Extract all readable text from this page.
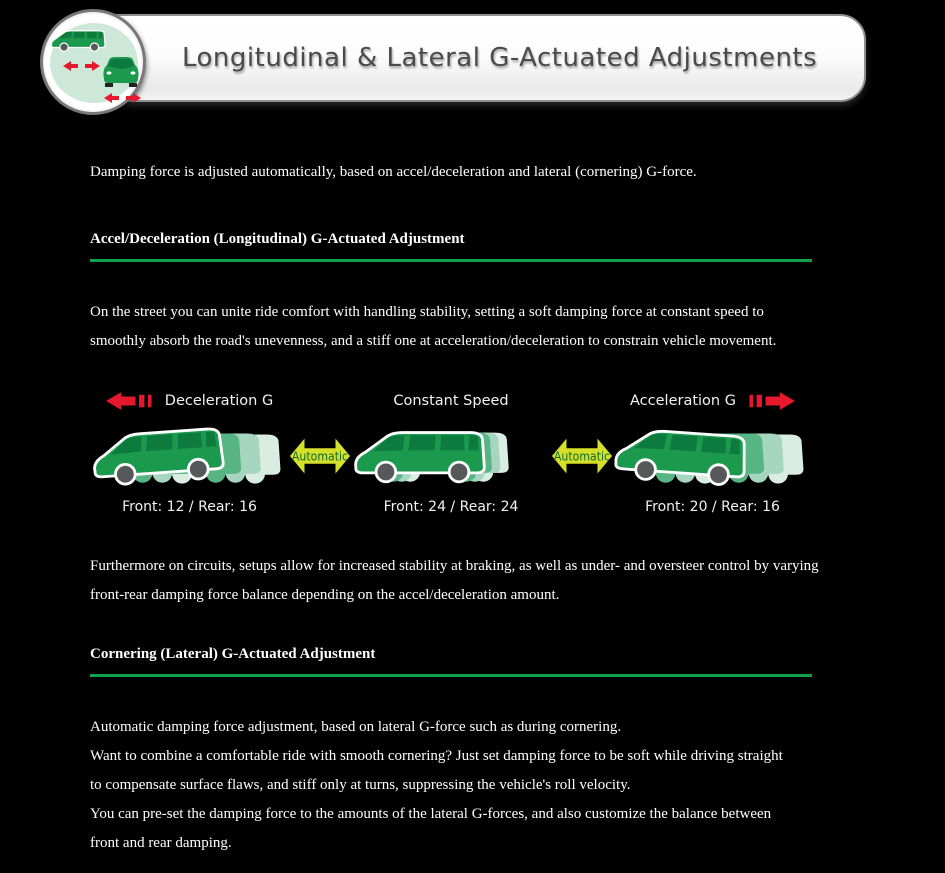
Longitudinal & Lateral G-Actuated Adjustments
Damping force is adjusted automatically, based on accel/deceleration and lateral (cornering) G-force.
Accel/Deceleration (Longitudinal) G-Actuated Adjustment
On the street you can unite ride comfort with handling stability, setting a soft damping force at constant speed to smoothly absorb the road's unevenness, and a stiff one at acceleration/deceleration to constrain vehicle movement.
Deceleration G
Front: 12 / Rear: 16
Automatic
Constant Speed
Front: 24 / Rear: 24
Automatic
Acceleration G
Front: 20 / Rear: 16
Furthermore on circuits, setups allow for increased stability at braking, as well as under- and oversteer control by varying front-rear damping force balance depending on the accel/deceleration amount.
Cornering (Lateral) G-Actuated Adjustment
Automatic damping force adjustment, based on lateral G-force such as during cornering.
Want to combine a comfortable ride with smooth cornering? Just set damping force to be soft while driving straight to compensate surface flaws, and stiff only at turns, suppressing the vehicle's roll velocity.
You can pre-set the damping force to the amounts of the lateral G-forces, and also customize the balance between front and rear damping.
